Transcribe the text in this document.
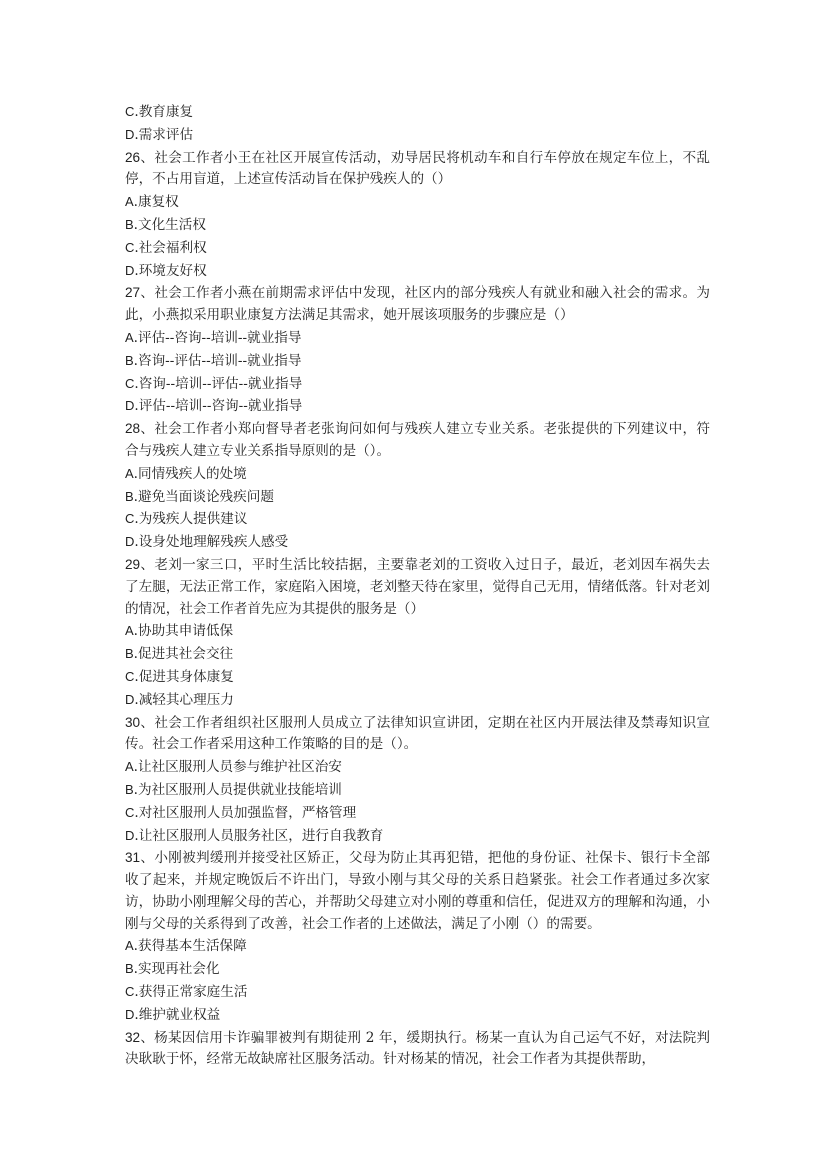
C.教育康复
D.需求评估
26、社会工作者小王在社区开展宣传活动，劝导居民将机动车和自行车停放在规定车位上，不乱停，不占用盲道，上述宣传活动旨在保护残疾人的（）
A.康复权
B.文化生活权
C.社会福利权
D.环境友好权
27、社会工作者小燕在前期需求评估中发现，社区内的部分残疾人有就业和融入社会的需求。为此，小燕拟采用职业康复方法满足其需求，她开展该项服务的步骤应是（）
A.评估--咨询--培训--就业指导
B.咨询--评估--培训--就业指导
C.咨询--培训--评估--就业指导
D.评估--培训--咨询--就业指导
28、社会工作者小郑向督导者老张询问如何与残疾人建立专业关系。老张提供的下列建议中，符合与残疾人建立专业关系指导原则的是（）。
A.同情残疾人的处境
B.避免当面谈论残疾问题
C.为残疾人提供建议
D.设身处地理解残疾人感受
29、老刘一家三口，平时生活比较拮据，主要靠老刘的工资收入过日子，最近，老刘因车祸失去了左腿，无法正常工作，家庭陷入困境，老刘整天待在家里，觉得自己无用，情绪低落。针对老刘的情况，社会工作者首先应为其提供的服务是（）
A.协助其申请低保
B.促进其社会交往
C.促进其身体康复
D.减轻其心理压力
30、社会工作者组织社区服刑人员成立了法律知识宣讲团，定期在社区内开展法律及禁毒知识宣传。社会工作者采用这种工作策略的目的是（）。
A.让社区服刑人员参与维护社区治安
B.为社区服刑人员提供就业技能培训
C.对社区服刑人员加强监督，严格管理
D.让社区服刑人员服务社区，进行自我教育
31、小刚被判缓刑并接受社区矫正，父母为防止其再犯错，把他的身份证、社保卡、银行卡全部收了起来，并规定晚饭后不许出门，导致小刚与其父母的关系日趋紧张。社会工作者通过多次家访，协助小刚理解父母的苦心，并帮助父母建立对小刚的尊重和信任，促进双方的理解和沟通，小刚与父母的关系得到了改善，社会工作者的上述做法，满足了小刚（）的需要。
A.获得基本生活保障
B.实现再社会化
C.获得正常家庭生活
D.维护就业权益
32、杨某因信用卡诈骗罪被判有期徒刑 2 年，缓期执行。杨某一直认为自己运气不好，对法院判决耿耿于怀，经常无故缺席社区服务活动。针对杨某的情况，社会工作者为其提供帮助，
